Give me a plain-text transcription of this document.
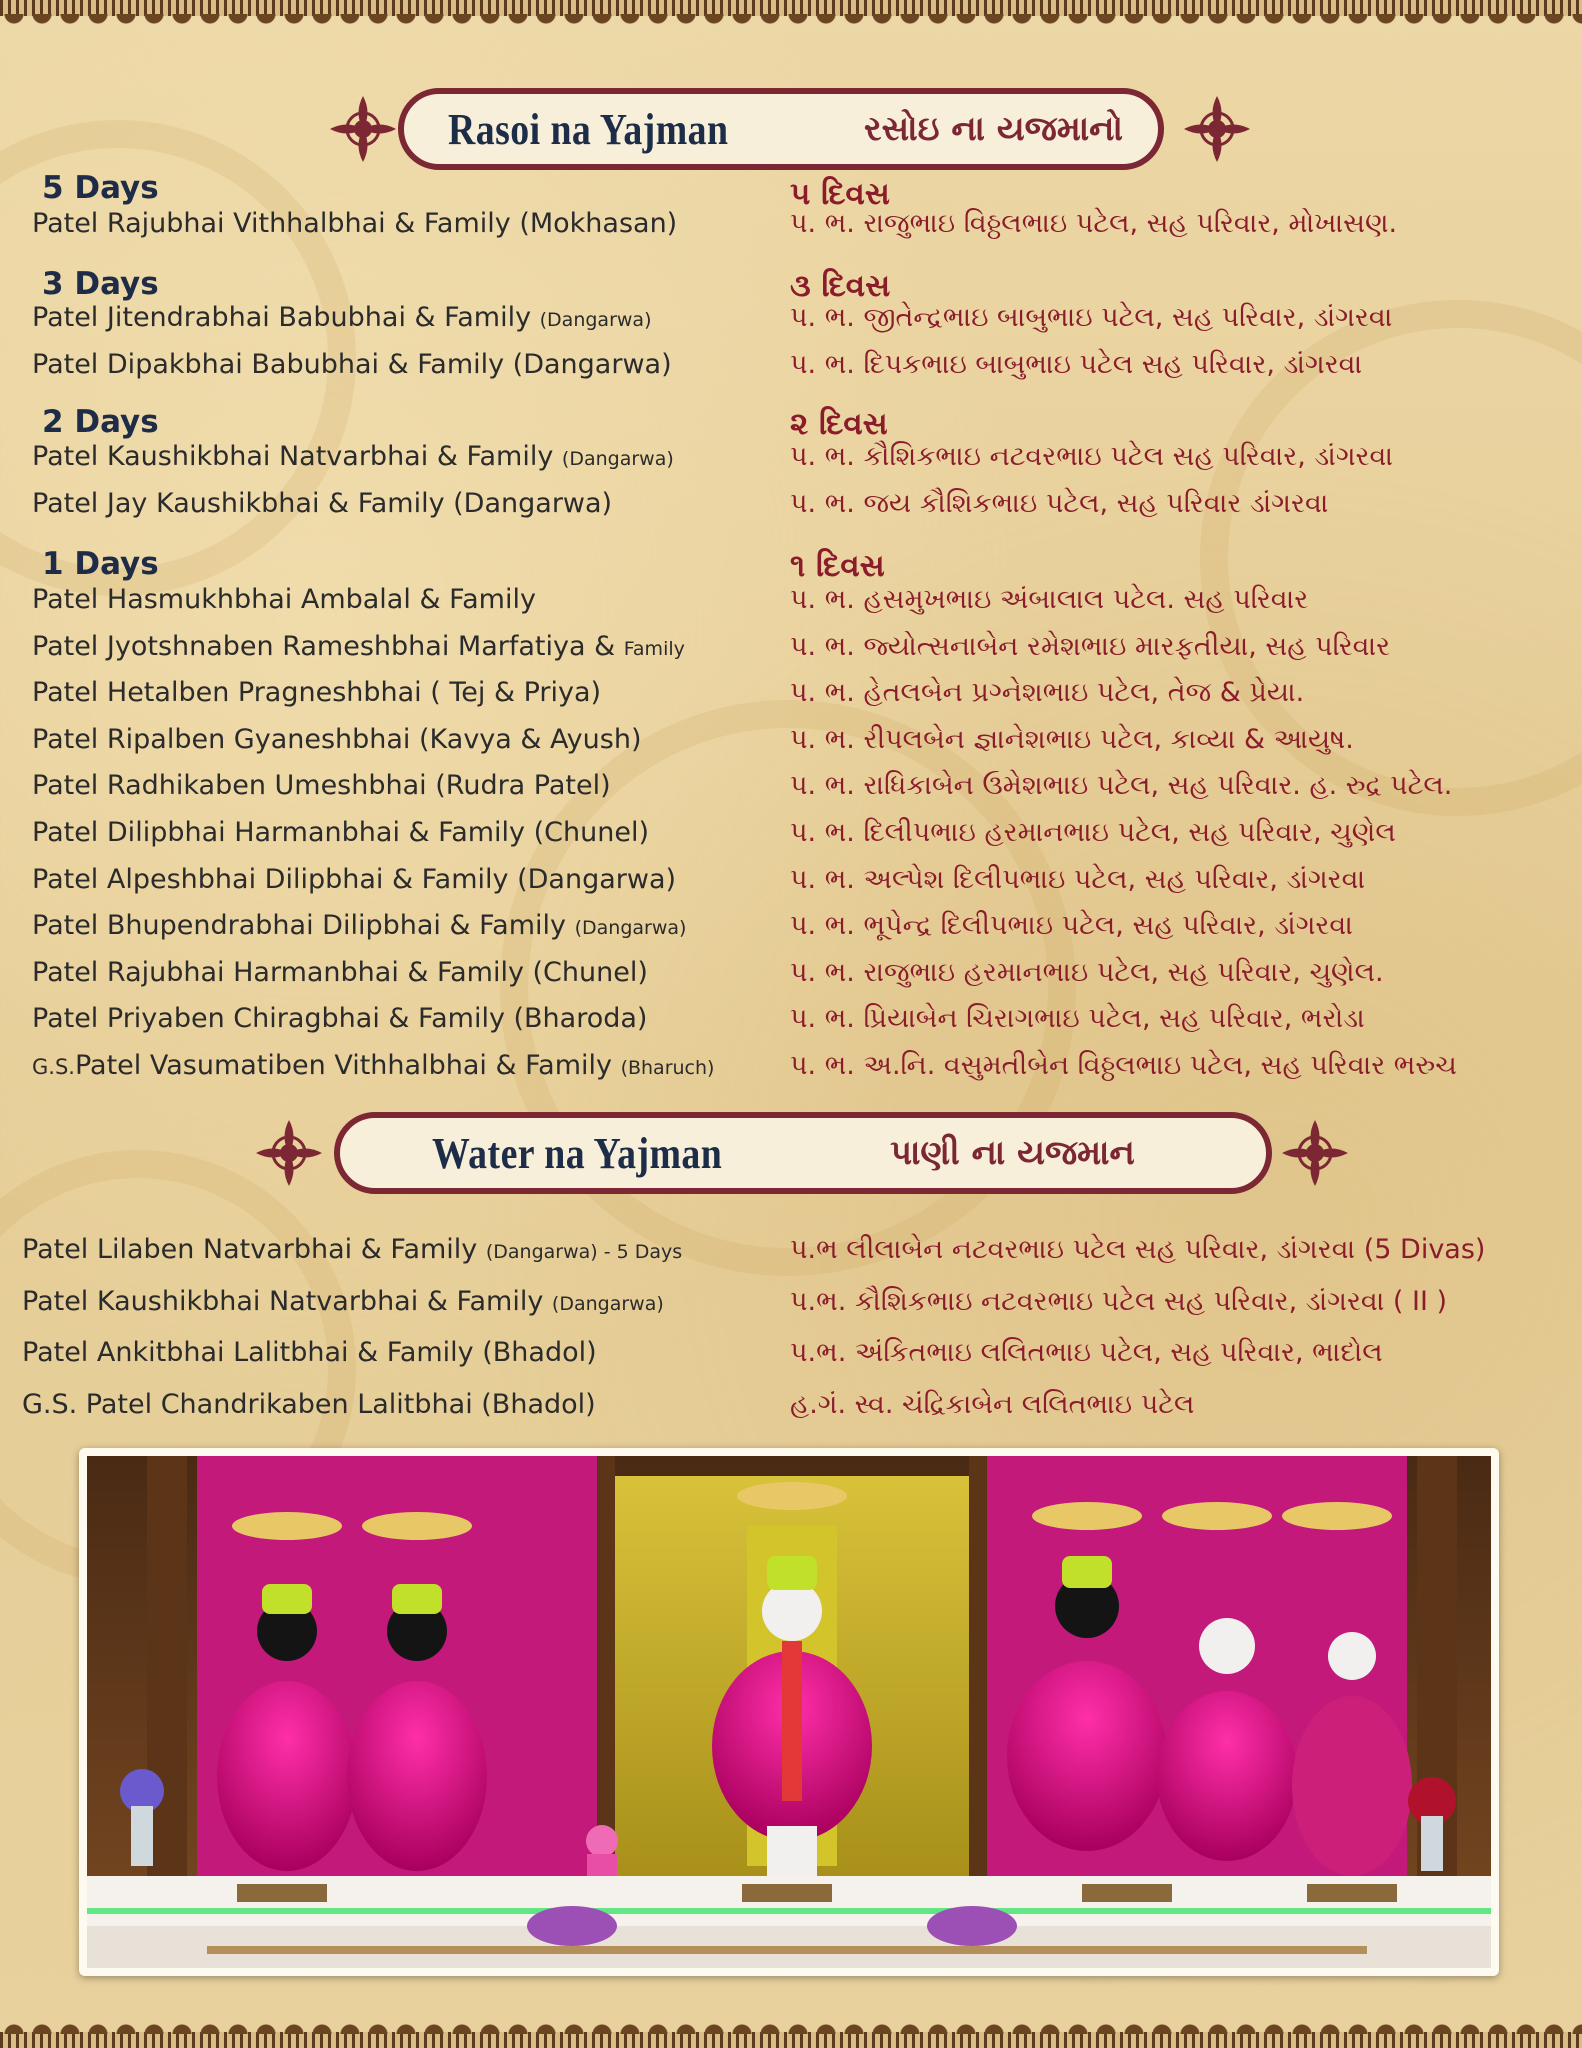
Rasoi na Yajman	રસોઇ ના યજમાનો
5 Days	૫ દિવસ
Patel Rajubhai Vithhalbhai & Family (Mokhasan)	પ. ભ. રાજુભાઇ વિઠ્ઠલભાઇ પટેલ, સહ પરિવાર, મોખાસણ.
3 Days	૩ દિવસ
Patel Jitendrabhai Babubhai & Family (Dangarwa)	પ. ભ. જીતેન્દ્રભાઇ બાબુભાઇ પટેલ, સહ પરિવાર, ડાંગરવા
Patel Dipakbhai Babubhai & Family (Dangarwa)	પ. ભ. દિપકભાઇ બાબુભાઇ પટેલ સહ પરિવાર, ડાંગરવા
2 Days	૨ દિવસ
Patel Kaushikbhai Natvarbhai & Family (Dangarwa)	પ. ભ. કૌશિકભાઇ નટવરભાઇ પટેલ સહ પરિવાર, ડાંગરવા
Patel Jay Kaushikbhai & Family (Dangarwa)	પ. ભ. જય કૌશિકભાઇ પટેલ, સહ પરિવાર ડાંગરવા
1 Days	૧ દિવસ
Patel Hasmukhbhai Ambalal & Family	પ. ભ. હસમુખભાઇ અંબાલાલ પટેલ. સહ પરિવાર
Patel Jyotshnaben Rameshbhai Marfatiya & Family	પ. ભ. જ્યોત્સનાબેન રમેશભાઇ મારફતીયા, સહ પરિવાર
Patel Hetalben Pragneshbhai ( Tej & Priya)	પ. ભ. હેતલબેન પ્રગ્નેશભાઇ પટેલ, તેજ & પ્રેયા.
Patel Ripalben Gyaneshbhai (Kavya & Ayush)	પ. ભ. રીપલબેન જ્ઞાનેશભાઇ પટેલ, કાવ્યા & આયુષ.
Patel Radhikaben Umeshbhai (Rudra Patel)	પ. ભ. રાધિકાબેન ઉમેશભાઇ પટેલ, સહ પરિવાર. હ. રુદ્ર પટેલ.
Patel Dilipbhai Harmanbhai & Family (Chunel)	પ. ભ. દિલીપભાઇ હરમાનભાઇ પટેલ, સહ પરિવાર, ચુણેલ
Patel Alpeshbhai Dilipbhai & Family (Dangarwa)	પ. ભ. અલ્પેશ દિલીપભાઇ પટેલ, સહ પરિવાર, ડાંગરવા
Patel Bhupendrabhai Dilipbhai & Family (Dangarwa)	પ. ભ. ભૂપેન્દ્ર દિલીપભાઇ પટેલ, સહ પરિવાર, ડાંગરવા
Patel Rajubhai Harmanbhai & Family (Chunel)	પ. ભ. રાજુભાઇ હરમાનભાઇ પટેલ, સહ પરિવાર, ચુણેલ.
Patel Priyaben Chiragbhai & Family (Bharoda)	પ. ભ. પ્રિયાબેન ચિરાગભાઇ પટેલ, સહ પરિવાર, ભરોડા
G.S.Patel Vasumatiben Vithhalbhai & Family (Bharuch)	પ. ભ. અ.નિ. વસુમતીબેન વિઠ્ઠલભાઇ પટેલ, સહ પરિવાર ભરુચ
Water na Yajman	પાણી ના યજમાન
Patel Lilaben Natvarbhai & Family (Dangarwa) - 5 Days	પ.ભ લીલાબેન નટવરભાઇ પટેલ સહ પરિવાર, ડાંગરવા (5 Divas)
Patel Kaushikbhai Natvarbhai & Family (Dangarwa)	પ.ભ. કૌશિકભાઇ નટવરભાઇ પટેલ સહ પરિવાર, ડાંગરવા ( II )
Patel Ankitbhai Lalitbhai & Family (Bhadol)	પ.ભ. અંકિતભાઇ લલિતભાઇ પટેલ, સહ પરિવાર, ભાદોલ
G.S. Patel Chandrikaben Lalitbhai (Bhadol)	હ.ગં. સ્વ. ચંદ્રિકાબેન લલિતભાઇ પટેલ
